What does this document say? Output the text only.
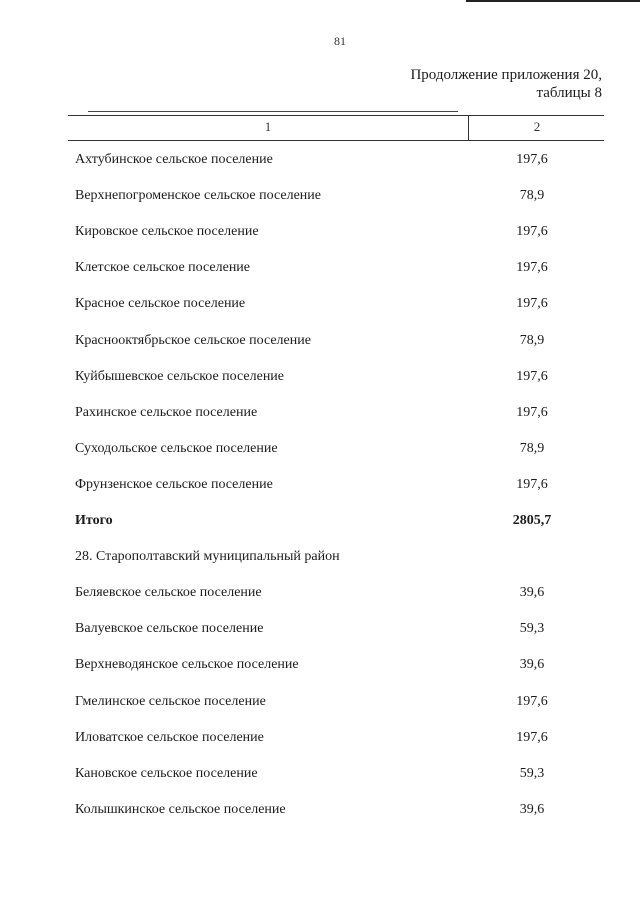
81
Продолжение приложения 20,
таблицы 8
1	2
Ахтубинское сельское поселение	197,6
Верхнепогроменское сельское поселение	78,9
Кировское сельское поселение	197,6
Клетское сельское поселение	197,6
Красное сельское поселение	197,6
Краснооктябрьское сельское поселение	78,9
Куйбышевское сельское поселение	197,6
Рахинское сельское поселение	197,6
Суходольское сельское поселение	78,9
Фрунзенское сельское поселение	197,6
Итого	2805,7
28. Старополтавский муниципальный район
Беляевское сельское поселение	39,6
Валуевское сельское поселение	59,3
Верхневодянское сельское поселение	39,6
Гмелинское сельское поселение	197,6
Иловатское сельское поселение	197,6
Кановское сельское поселение	59,3
Колышкинское сельское поселение	39,6
